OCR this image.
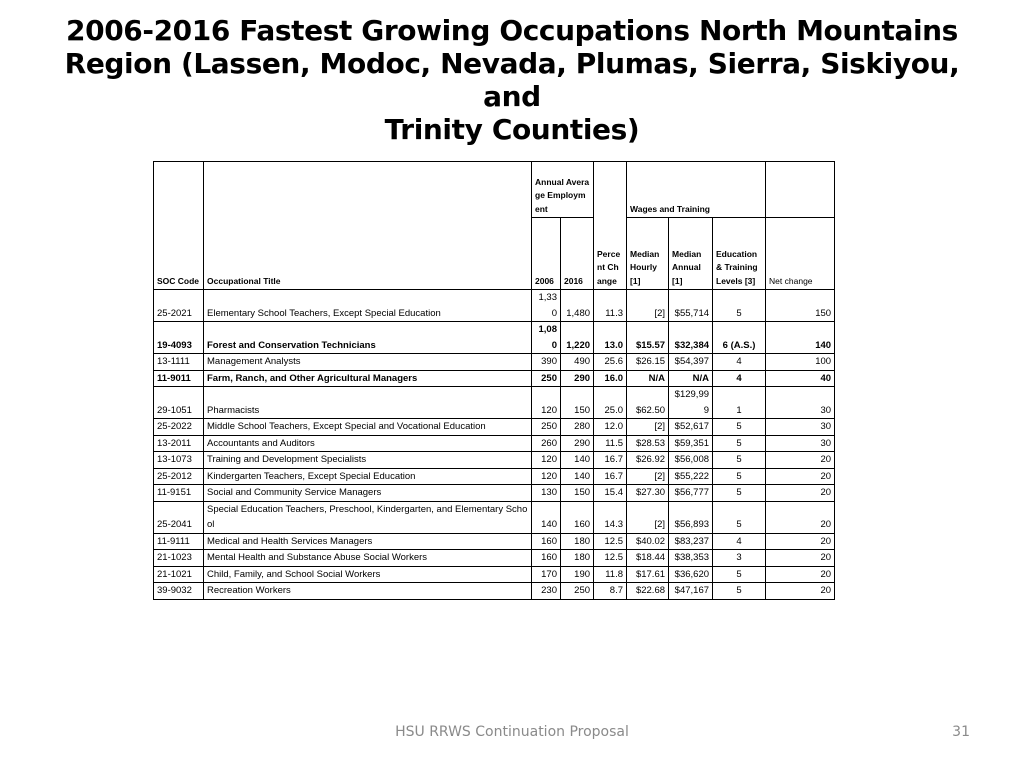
2006-2016 Fastest Growing Occupations North Mountains
Region (Lassen, Modoc, Nevada, Plumas, Sierra, Siskiyou, and
Trinity Counties)
SOC Code	Occupational Title	Annual Average Employment		Percent Change	Wages and Training			
		2006	2016		Median Hourly [1]	Median Annual [1]	Education & Training Levels [3]	Net change
25-2021	Elementary School Teachers, Except Special Education	1,330	1,480	11.3	[2]	$55,714	5	150
19-4093	Forest and Conservation Technicians	1,080	1,220	13.0	$15.57	$32,384	6 (A.S.)	140
13-1111	Management Analysts	390	490	25.6	$26.15	$54,397	4	100
11-9011	Farm, Ranch, and Other Agricultural Managers	250	290	16.0	N/A	N/A	4	40
29-1051	Pharmacists	120	150	25.0	$62.50	$129,999	1	30
25-2022	Middle School Teachers, Except Special and Vocational Education	250	280	12.0	[2]	$52,617	5	30
13-2011	Accountants and Auditors	260	290	11.5	$28.53	$59,351	5	30
13-1073	Training and Development Specialists	120	140	16.7	$26.92	$56,008	5	20
25-2012	Kindergarten Teachers, Except Special Education	120	140	16.7	[2]	$55,222	5	20
11-9151	Social and Community Service Managers	130	150	15.4	$27.30	$56,777	5	20
25-2041	Special Education Teachers, Preschool, Kindergarten, and Elementary School	140	160	14.3	[2]	$56,893	5	20
11-9111	Medical and Health Services Managers	160	180	12.5	$40.02	$83,237	4	20
21-1023	Mental Health and Substance Abuse Social Workers	160	180	12.5	$18.44	$38,353	3	20
21-1021	Child, Family, and School Social Workers	170	190	11.8	$17.61	$36,620	5	20
39-9032	Recreation Workers	230	250	8.7	$22.68	$47,167	5	20
HSU RRWS Continuation Proposal	31
